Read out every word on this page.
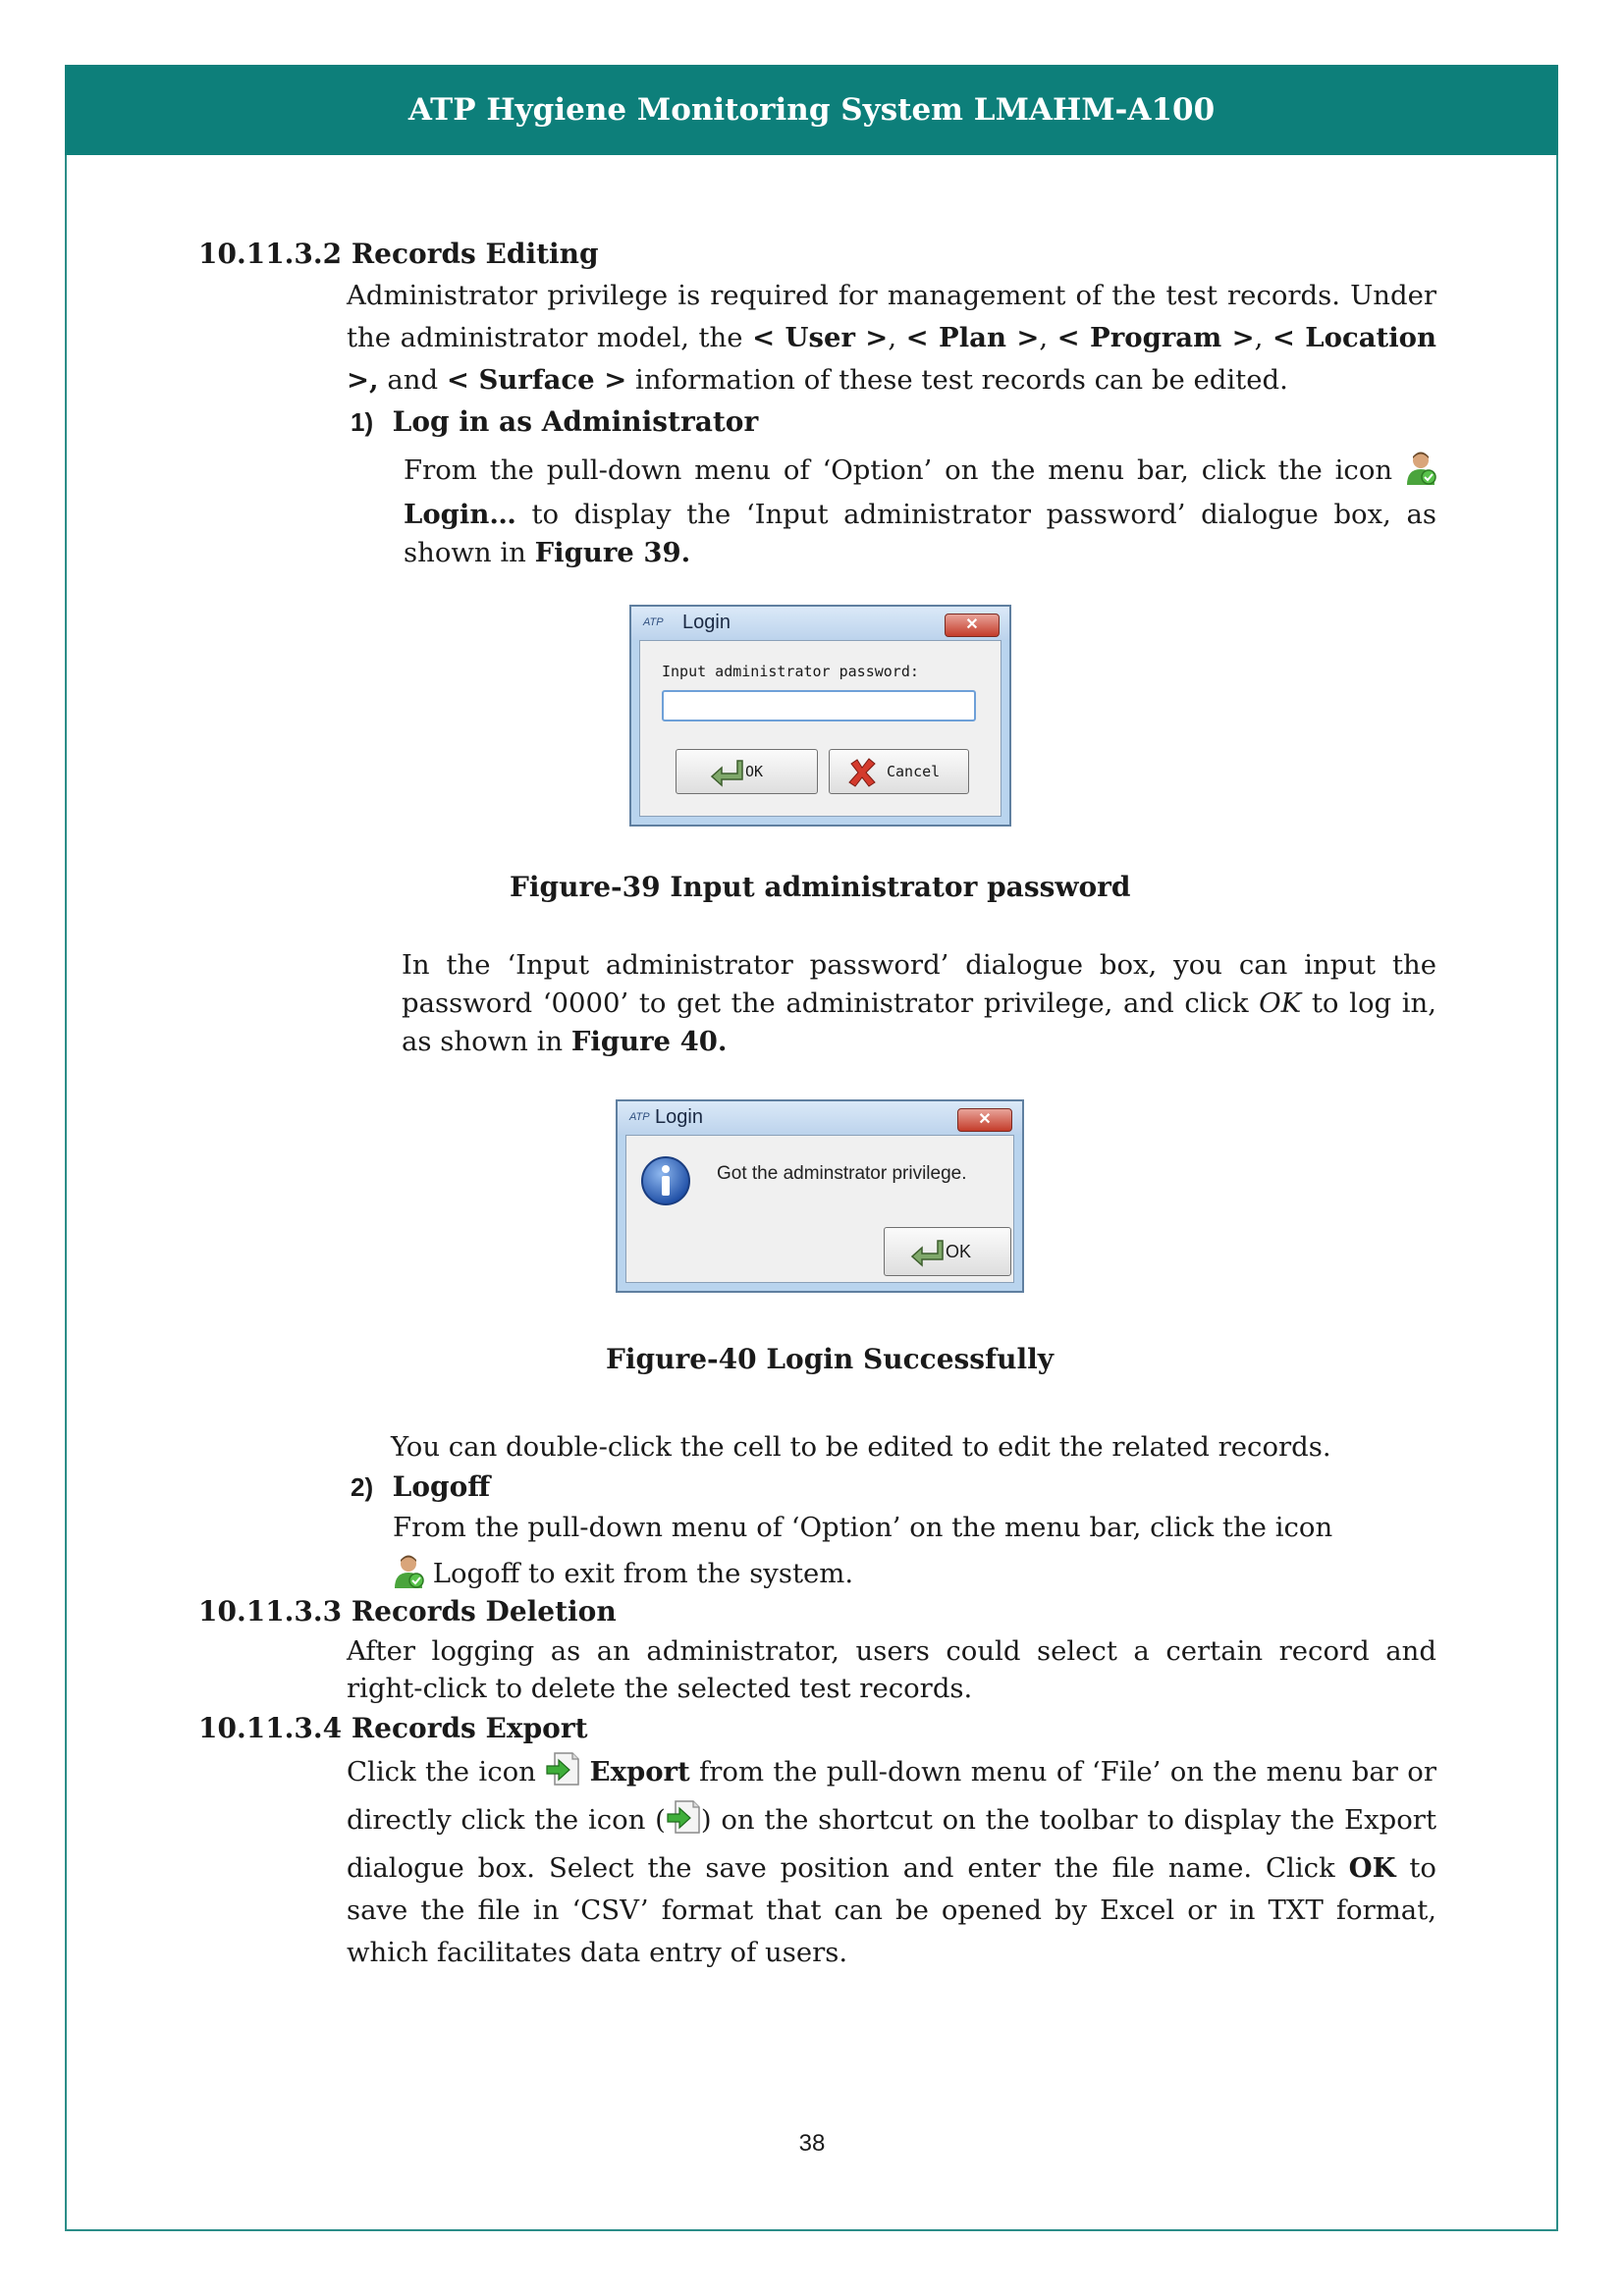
ATP Hygiene Monitoring System LMAHM-A100
10.11.3.2 Records Editing

Administrator privilege is required for management of the test records. Under the administrator model, the < User >, < Plan >, < Program >, < Location >, and < Surface > information of these test records can be edited.

1) Log in as Administrator

From the pull-down menu of ‘Option’ on the menu bar, click the icon  Login… to display the ‘Input administrator password’ dialogue box, as shown in Figure 39.

ATP Login	✕
Input administrator password:
OK	Cancel
Figure-39 Input administrator password

In the ‘Input administrator password’ dialogue box, you can input the password ‘0000’ to get the administrator privilege, and click OK to log in, as shown in Figure 40.

ATP Login	✕
Got the adminstrator privilege.
OK
Figure-40 Login Successfully

You can double-click the cell to be edited to edit the related records.

2) Logoff

From the pull-down menu of ‘Option’ on the menu bar, click the icon

Logoff to exit from the system.

10.11.3.3 Records Deletion

After logging as an administrator, users could select a certain record and right-click to delete the selected test records.

10.11.3.4 Records Export

Click the icon  Export from the pull-down menu of ‘File’ on the menu bar or directly click the icon ( ) on the shortcut on the toolbar to display the Export dialogue box. Select the save position and enter the file name. Click OK to save the file in ‘CSV’ format that can be opened by Excel or in TXT format, which facilitates data entry of users.

38
